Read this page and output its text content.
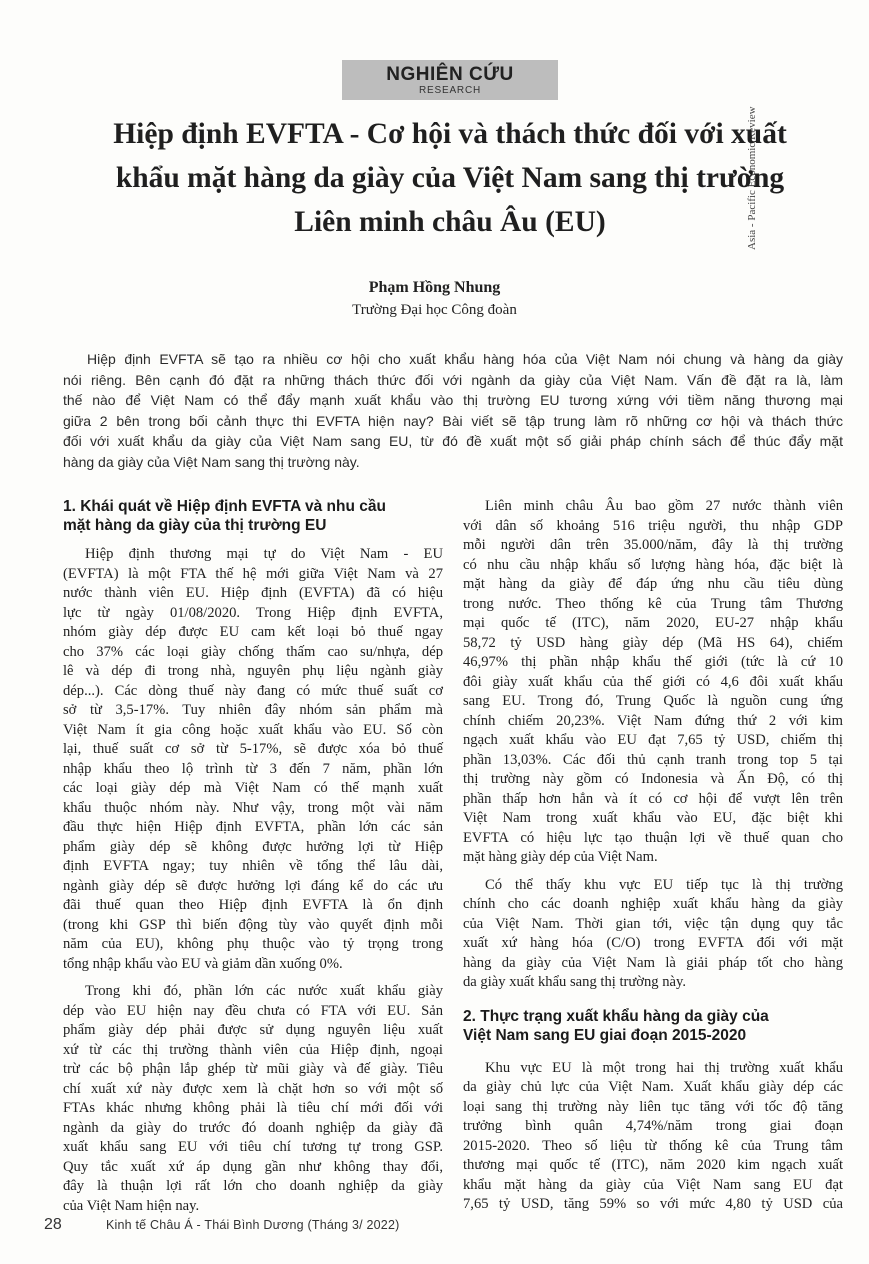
NGHIÊN CỨU
RESEARCH
Asia - Pacific Economic Review
Hiệp định EVFTA - Cơ hội và thách thức đối với xuất
khẩu mặt hàng da giày của Việt Nam sang thị trường
Liên minh châu Âu (EU)
Phạm Hồng Nhung
Trường Đại học Công đoàn
Hiệp định EVFTA sẽ tạo ra nhiều cơ hội cho xuất khẩu hàng hóa của Việt Nam nói chung và hàng da giày
nói riêng. Bên cạnh đó đặt ra những thách thức đối với ngành da giày của Việt Nam. Vấn đề đặt ra là, làm
thế nào để Việt Nam có thể đẩy mạnh xuất khẩu vào thị trường EU tương xứng với tiềm năng thương mại
giữa 2 bên trong bối cảnh thực thi EVFTA hiện nay? Bài viết sẽ tập trung làm rõ những cơ hội và thách thức
đối với xuất khẩu da giày của Việt Nam sang EU, từ đó đề xuất một số giải pháp chính sách để thúc đẩy mặt
hàng da giày của Việt Nam sang thị trường này.
1. Khái quát về Hiệp định EVFTA và nhu cầu
mặt hàng da giày của thị trường EU
Hiệp định thương mại tự do Việt Nam - EU
(EVFTA) là một FTA thế hệ mới giữa Việt Nam và 27
nước thành viên EU. Hiệp định (EVFTA) đã có hiệu
lực từ ngày 01/08/2020. Trong Hiệp định EVFTA,
nhóm giày dép được EU cam kết loại bỏ thuế ngay
cho 37% các loại giày chống thấm cao su/nhựa, dép
lê và dép đi trong nhà, nguyên phụ liệu ngành giày
dép...). Các dòng thuế này đang có mức thuế suất cơ
sở từ 3,5-17%. Tuy nhiên đây nhóm sản phẩm mà
Việt Nam ít gia công hoặc xuất khẩu vào EU. Số còn
lại, thuế suất cơ sở từ 5-17%, sẽ được xóa bỏ thuế
nhập khẩu theo lộ trình từ 3 đến 7 năm, phần lớn
các loại giày dép mà Việt Nam có thế mạnh xuất
khẩu thuộc nhóm này. Như vậy, trong một vài năm
đầu thực hiện Hiệp định EVFTA, phần lớn các sản
phẩm giày dép sẽ không được hưởng lợi từ Hiệp
định EVFTA ngay; tuy nhiên về tổng thể lâu dài,
ngành giày dép sẽ được hưởng lợi đáng kể do các ưu
đãi thuế quan theo Hiệp định EVFTA là ổn định
(trong khi GSP thì biến động tùy vào quyết định mỗi
năm của EU), không phụ thuộc vào tỷ trọng trong
tổng nhập khẩu vào EU và giảm dần xuống 0%.
Trong khi đó, phần lớn các nước xuất khẩu giày
dép vào EU hiện nay đều chưa có FTA với EU. Sản
phẩm giày dép phải được sử dụng nguyên liệu xuất
xứ từ các thị trường thành viên của Hiệp định, ngoại
trừ các bộ phận lắp ghép từ mũi giày và đế giày. Tiêu
chí xuất xứ này được xem là chặt hơn so với một số
FTAs khác nhưng không phải là tiêu chí mới đối với
ngành da giày do trước đó doanh nghiệp da giày đã
xuất khẩu sang EU với tiêu chí tương tự trong GSP.
Quy tắc xuất xứ áp dụng gần như không thay đổi,
đây là thuận lợi rất lớn cho doanh nghiệp da giày
của Việt Nam hiện nay.
Liên minh châu Âu bao gồm 27 nước thành viên
với dân số khoảng 516 triệu người, thu nhập GDP
mỗi người dân trên 35.000/năm, đây là thị trường
có nhu cầu nhập khẩu số lượng hàng hóa, đặc biệt là
mặt hàng da giày để đáp ứng nhu cầu tiêu dùng
trong nước. Theo thống kê của Trung tâm Thương
mại quốc tế (ITC), năm 2020, EU-27 nhập khẩu
58,72 tỷ USD hàng giày dép (Mã HS 64), chiếm
46,97% thị phần nhập khẩu thế giới (tức là cứ 10
đôi giày xuất khẩu của thế giới có 4,6 đôi xuất khẩu
sang EU. Trong đó, Trung Quốc là nguồn cung ứng
chính chiếm 20,23%. Việt Nam đứng thứ 2 với kim
ngạch xuất khẩu vào EU đạt 7,65 tỷ USD, chiếm thị
phần 13,03%. Các đối thủ cạnh tranh trong top 5 tại
thị trường này gồm có Indonesia và Ấn Độ, có thị
phần thấp hơn hẳn và ít có cơ hội để vượt lên trên
Việt Nam trong xuất khẩu vào EU, đặc biệt khi
EVFTA có hiệu lực tạo thuận lợi về thuế quan cho
mặt hàng giày dép của Việt Nam.
Có thể thấy khu vực EU tiếp tục là thị trường
chính cho các doanh nghiệp xuất khẩu hàng da giày
của Việt Nam. Thời gian tới, việc tận dụng quy tắc
xuất xứ hàng hóa (C/O) trong EVFTA đối với mặt
hàng da giày của Việt Nam là giải pháp tốt cho hàng
da giày xuất khẩu sang thị trường này.
2. Thực trạng xuất khẩu hàng da giày của
Việt Nam sang EU giai đoạn 2015-2020
Khu vực EU là một trong hai thị trường xuất khẩu
da giày chủ lực của Việt Nam. Xuất khẩu giày dép các
loại sang thị trường này liên tục tăng với tốc độ tăng
trưởng bình quân 4,74%/năm trong giai đoạn
2015-2020. Theo số liệu từ thống kê của Trung tâm
thương mại quốc tế (ITC), năm 2020 kim ngạch xuất
khẩu mặt hàng da giày của Việt Nam sang EU đạt
7,65 tỷ USD, tăng 59% so với mức 4,80 tỷ USD của
28	Kinh tế Châu Á - Thái Bình Dương (Tháng 3/ 2022)
